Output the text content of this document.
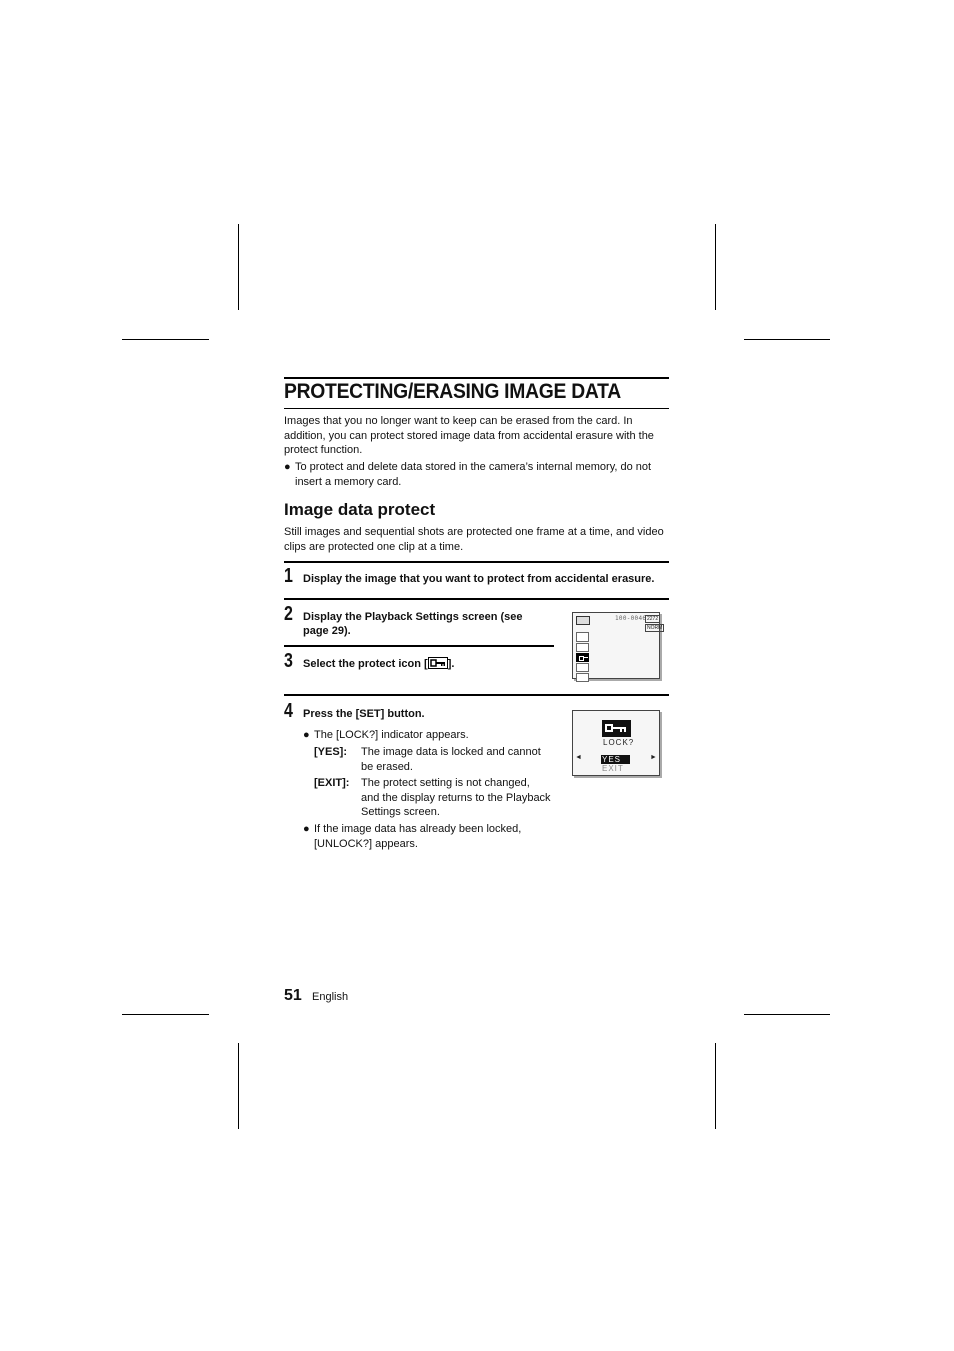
PROTECTING/ERASING IMAGE DATA
Images that you no longer want to keep can be erased from the card. In addition, you can protect stored image data from accidental erasure with the protect function.
● To protect and delete data stored in the camera’s internal memory, do not insert a memory card.
Image data protect
Still images and sequential shots are protected one frame at a time, and video clips are protected one clip at a time.
1 Display the image that you want to protect from accidental erasure.
2 Display the Playback Settings screen (see page 29).
3 Select the protect icon [ ].
100-0046 2272
NORM
4 Press the [SET] button.
● The [LOCK?] indicator appears.
[YES]: The image data is locked and cannot be erased.
[EXIT]: The protect setting is not changed, and the display returns to the Playback Settings screen.
● If the image data has already been locked, [UNLOCK?] appears.
LOCK?
◄	►
YES
EXIT
51 English
